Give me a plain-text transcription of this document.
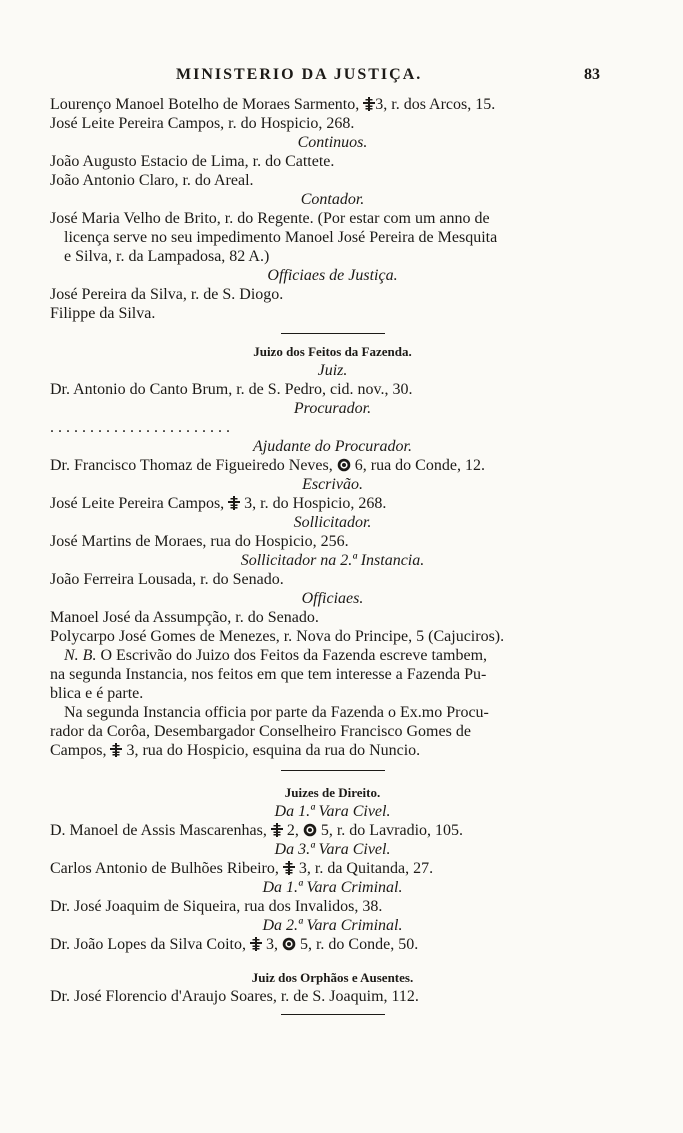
MINISTERIO DA JUSTIÇA.	83
Lourenço Manoel Botelho de Moraes Sarmento, 3, r. dos Arcos, 15.
José Leite Pereira Campos, r. do Hospicio, 268.
Continuos.
João Augusto Estacio de Lima, r. do Cattete.
João Antonio Claro, r. do Areal.
Contador.
José Maria Velho de Brito, r. do Regente. (Por estar com um anno de
licença serve no seu impedimento Manoel José Pereira de Mesquita
e Silva, r. da Lampadosa, 82 A.)
Officiaes de Justiça.
José Pereira da Silva, r. de S. Diogo.
Filippe da Silva.
Juizo dos Feitos da Fazenda.
Juiz.
Dr. Antonio do Canto Brum, r. de S. Pedro, cid. nov., 30.
Procurador.
. . . . . . . . . . . . . . . . . . . . . . .
Ajudante do Procurador.
Dr. Francisco Thomaz de Figueiredo Neves, 6, rua do Conde, 12.
Escrivão.
José Leite Pereira Campos, 3, r. do Hospicio, 268.
Sollicitador.
José Martins de Moraes, rua do Hospicio, 256.
Sollicitador na 2.ª Instancia.
João Ferreira Lousada, r. do Senado.
Officiaes.
Manoel José da Assumpção, r. do Senado.
Polycarpo José Gomes de Menezes, r. Nova do Principe, 5 (Cajuciros).
N. B. O Escrivão do Juizo dos Feitos da Fazenda escreve tambem,
na segunda Instancia, nos feitos em que tem interesse a Fazenda Pu-
blica e é parte.
Na segunda Instancia officia por parte da Fazenda o Ex.mo Procu-
rador da Corôa, Desembargador Conselheiro Francisco Gomes de
Campos, 3, rua do Hospicio, esquina da rua do Nuncio.
Juizes de Direito.
Da 1.ª Vara Civel.
D. Manoel de Assis Mascarenhas, 2, 5, r. do Lavradio, 105.
Da 3.ª Vara Civel.
Carlos Antonio de Bulhões Ribeiro, 3, r. da Quitanda, 27.
Da 1.ª Vara Criminal.
Dr. José Joaquim de Siqueira, rua dos Invalidos, 38.
Da 2.ª Vara Criminal.
Dr. João Lopes da Silva Coito, 3, 5, r. do Conde, 50.
Juiz dos Orphãos e Ausentes.
Dr. José Florencio d'Araujo Soares, r. de S. Joaquim, 112.
